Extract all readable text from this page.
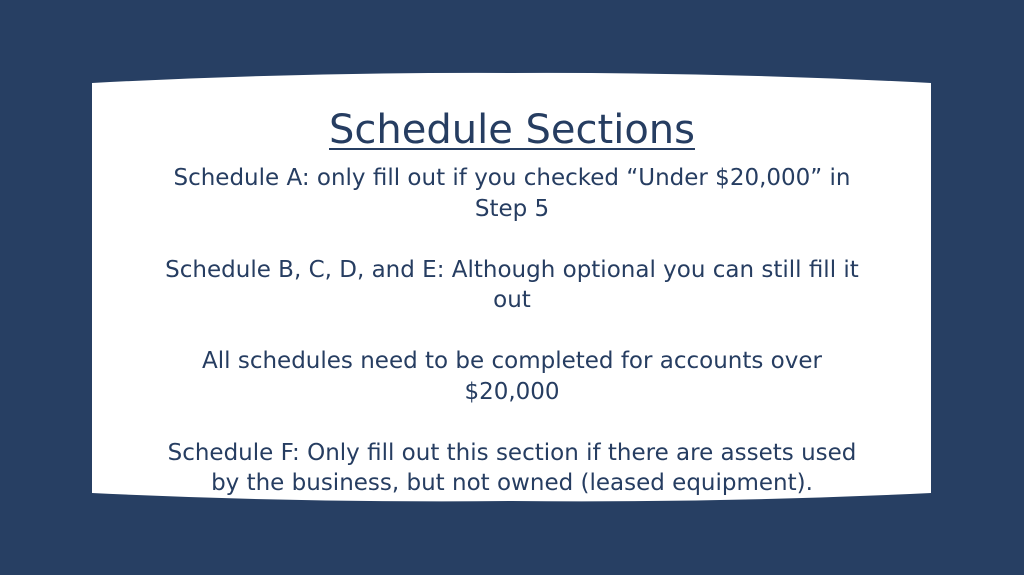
Schedule Sections

Schedule A: only fill out if you checked “Under $20,000” in Step 5

Schedule B, C, D, and E: Although optional you can still fill it out

All schedules need to be completed for accounts over $20,000

Schedule F: Only fill out this section if there are assets used by the business, but not owned (leased equipment).
